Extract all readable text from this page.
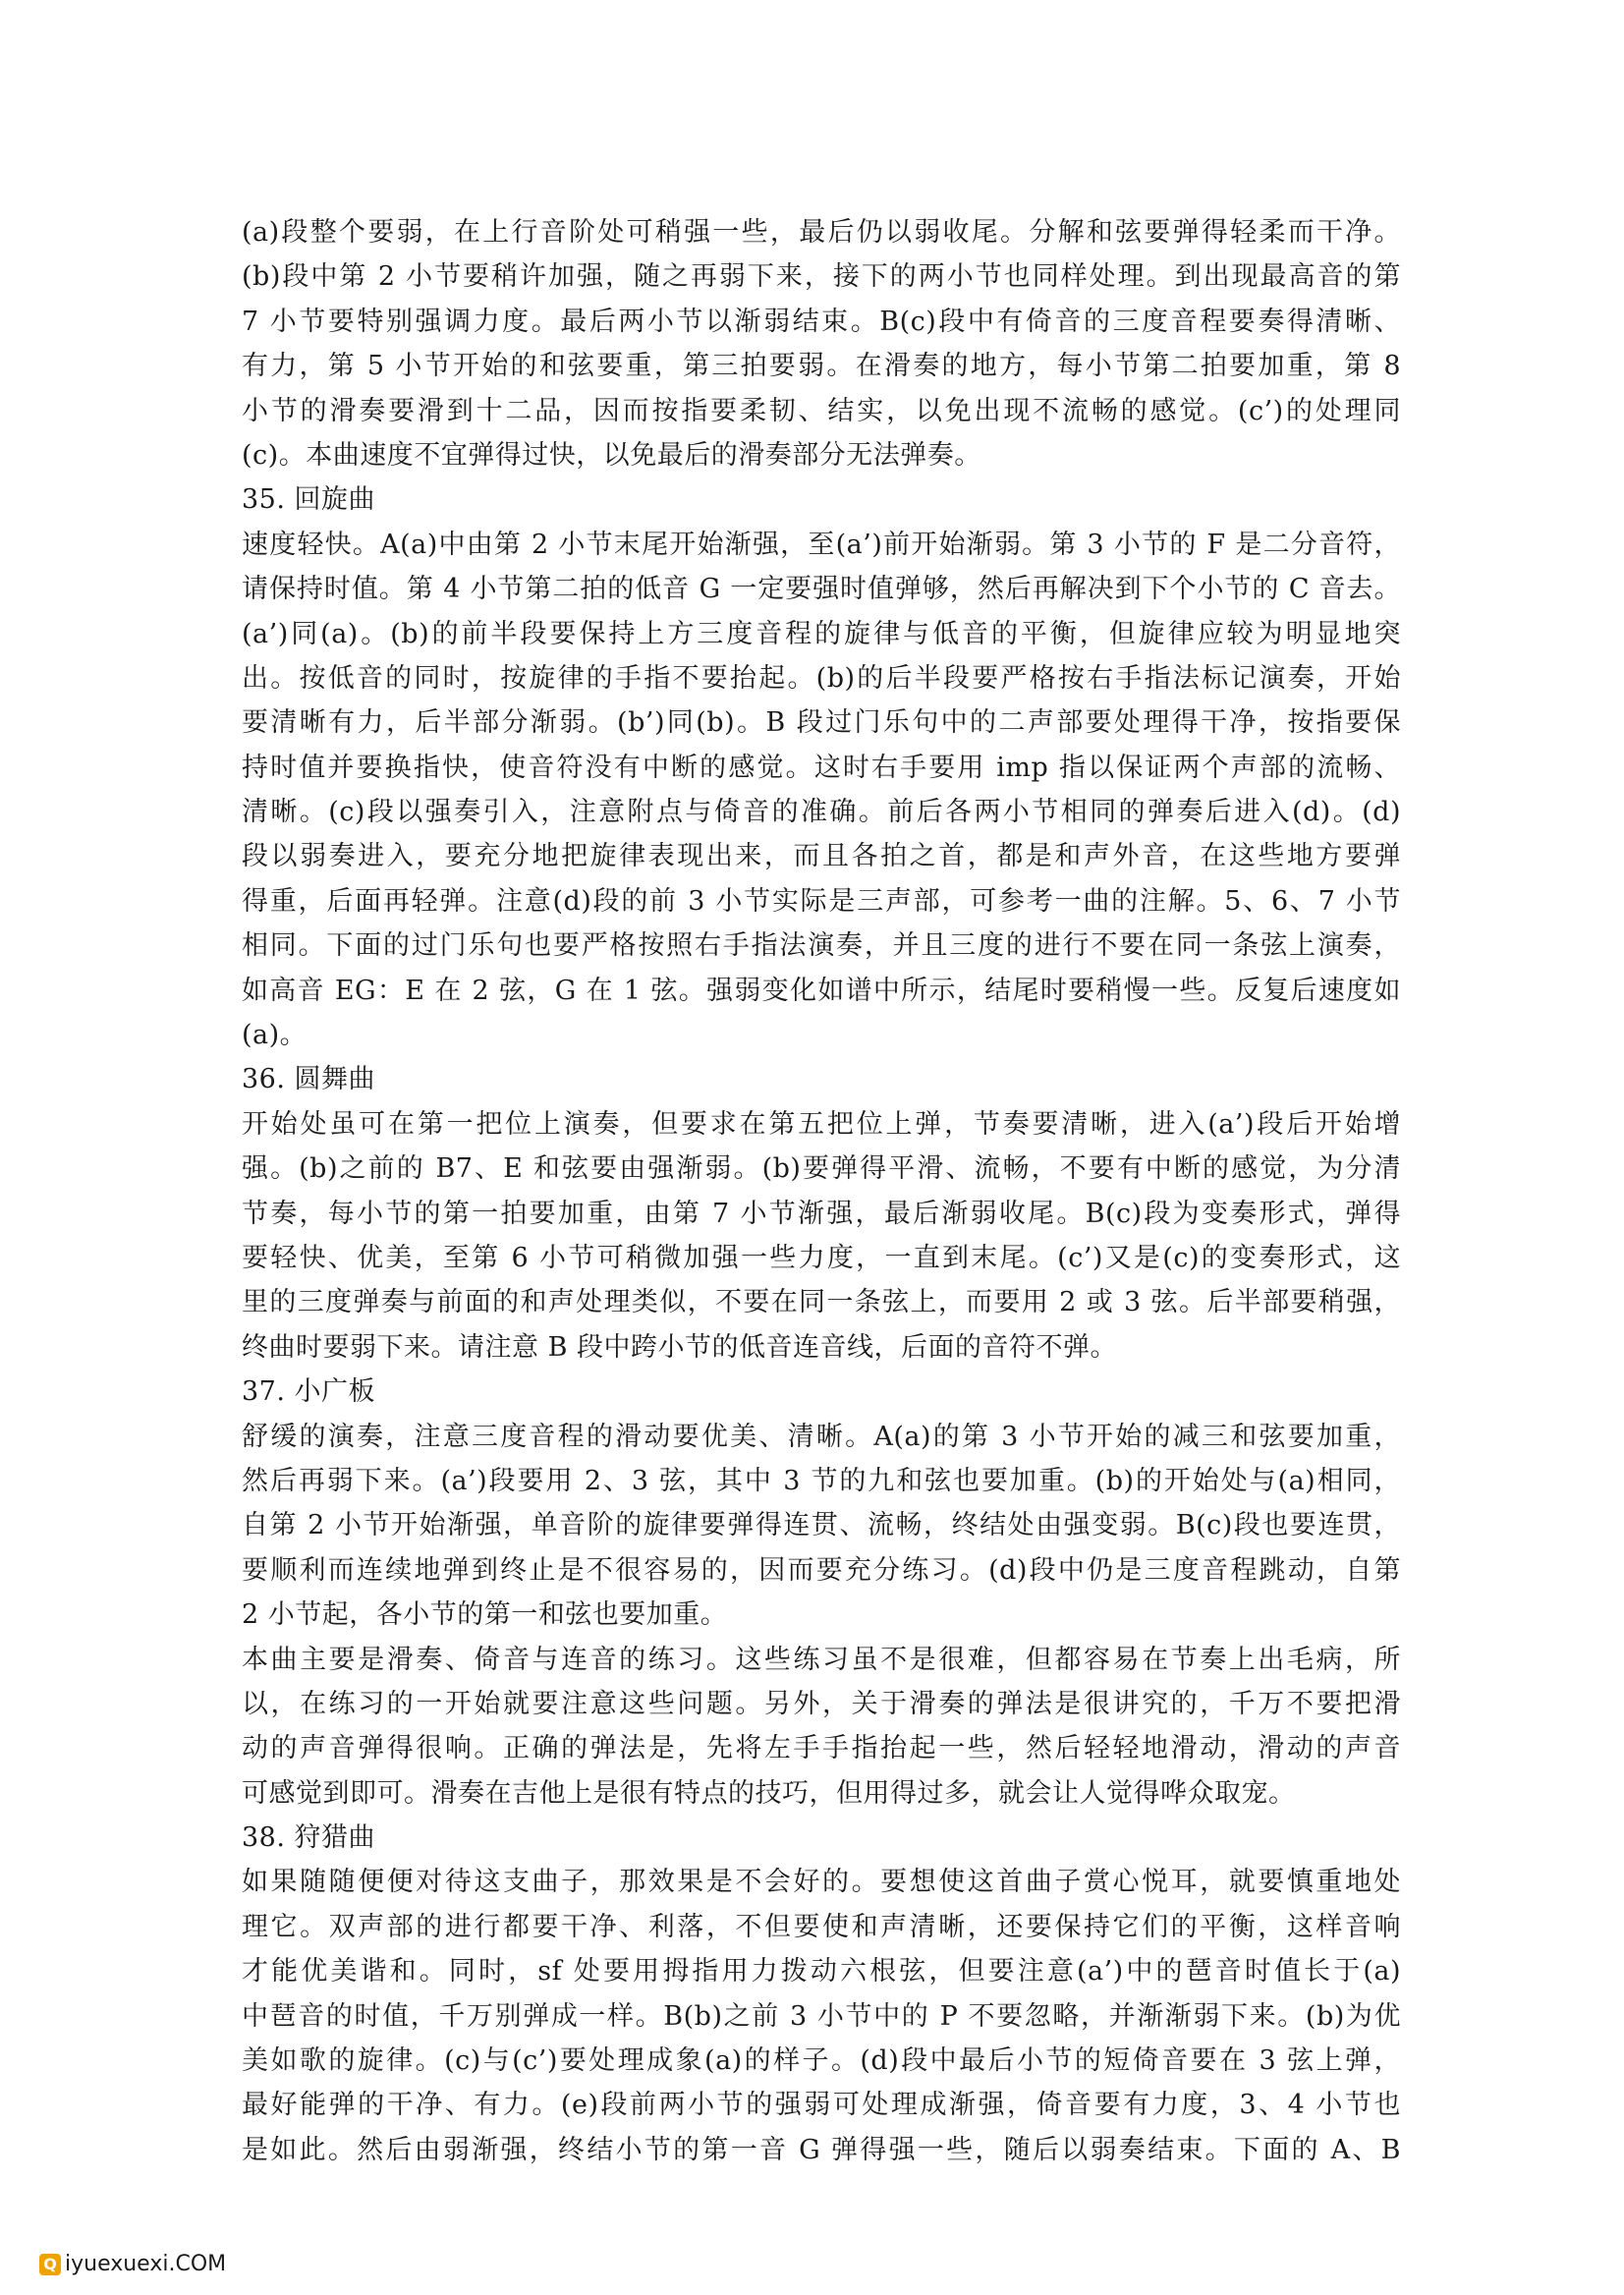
(a)段整个要弱，在上行音阶处可稍强一些，最后仍以弱收尾。分解和弦要弹得轻柔而干净。
(b)段中第 2 小节要稍许加强，随之再弱下来，接下的两小节也同样处理。到出现最高音的第
7 小节要特别强调力度。最后两小节以渐弱结束。B(c)段中有倚音的三度音程要奏得清晰、
有力，第 5 小节开始的和弦要重，第三拍要弱。在滑奏的地方，每小节第二拍要加重，第 8
小节的滑奏要滑到十二品，因而按指要柔韧、结实，以免出现不流畅的感觉。(c’)的处理同
(c)。本曲速度不宜弹得过快，以免最后的滑奏部分无法弹奏。
35. 回旋曲
速度轻快。A(a)中由第 2 小节末尾开始渐强，至(a’)前开始渐弱。第 3 小节的 F 是二分音符，
请保持时值。第 4 小节第二拍的低音 G 一定要强时值弹够，然后再解决到下个小节的 C 音去。
(a’)同(a)。(b)的前半段要保持上方三度音程的旋律与低音的平衡，但旋律应较为明显地突
出。按低音的同时，按旋律的手指不要抬起。(b)的后半段要严格按右手指法标记演奏，开始
要清晰有力，后半部分渐弱。(b’)同(b)。B 段过门乐句中的二声部要处理得干净，按指要保
持时值并要换指快，使音符没有中断的感觉。这时右手要用 imp 指以保证两个声部的流畅、
清晰。(c)段以强奏引入，注意附点与倚音的准确。前后各两小节相同的弹奏后进入(d)。(d)
段以弱奏进入，要充分地把旋律表现出来，而且各拍之首，都是和声外音，在这些地方要弹
得重，后面再轻弹。注意(d)段的前 3 小节实际是三声部，可参考一曲的注解。5、6、7 小节
相同。下面的过门乐句也要严格按照右手指法演奏，并且三度的进行不要在同一条弦上演奏，
如高音 EG：E 在 2 弦，G 在 1 弦。强弱变化如谱中所示，结尾时要稍慢一些。反复后速度如
(a)。
36. 圆舞曲
开始处虽可在第一把位上演奏，但要求在第五把位上弹，节奏要清晰，进入(a’)段后开始增
强。(b)之前的 B7、E 和弦要由强渐弱。(b)要弹得平滑、流畅，不要有中断的感觉，为分清
节奏，每小节的第一拍要加重，由第 7 小节渐强，最后渐弱收尾。B(c)段为变奏形式，弹得
要轻快、优美，至第 6 小节可稍微加强一些力度，一直到末尾。(c’)又是(c)的变奏形式，这
里的三度弹奏与前面的和声处理类似，不要在同一条弦上，而要用 2 或 3 弦。后半部要稍强，
终曲时要弱下来。请注意 B 段中跨小节的低音连音线，后面的音符不弹。
37. 小广板
舒缓的演奏，注意三度音程的滑动要优美、清晰。A(a)的第 3 小节开始的减三和弦要加重，
然后再弱下来。(a’)段要用 2、3 弦，其中 3 节的九和弦也要加重。(b)的开始处与(a)相同，
自第 2 小节开始渐强，单音阶的旋律要弹得连贯、流畅，终结处由强变弱。B(c)段也要连贯，
要顺利而连续地弹到终止是不很容易的，因而要充分练习。(d)段中仍是三度音程跳动，自第
2 小节起，各小节的第一和弦也要加重。
本曲主要是滑奏、倚音与连音的练习。这些练习虽不是很难，但都容易在节奏上出毛病，所
以，在练习的一开始就要注意这些问题。另外，关于滑奏的弹法是很讲究的，千万不要把滑
动的声音弹得很响。正确的弹法是，先将左手手指抬起一些，然后轻轻地滑动，滑动的声音
可感觉到即可。滑奏在吉他上是很有特点的技巧，但用得过多，就会让人觉得哗众取宠。
38. 狩猎曲
如果随随便便对待这支曲子，那效果是不会好的。要想使这首曲子赏心悦耳，就要慎重地处
理它。双声部的进行都要干净、利落，不但要使和声清晰，还要保持它们的平衡，这样音响
才能优美谐和。同时，sf 处要用拇指用力拨动六根弦，但要注意(a’)中的琶音时值长于(a)
中琶音的时值，千万别弹成一样。B(b)之前 3 小节中的 P 不要忽略，并渐渐弱下来。(b)为优
美如歌的旋律。(c)与(c’)要处理成象(a)的样子。(d)段中最后小节的短倚音要在 3 弦上弹，
最好能弹的干净、有力。(e)段前两小节的强弱可处理成渐强，倚音要有力度，3、4 小节也
是如此。然后由弱渐强，终结小节的第一音 G 弹得强一些，随后以弱奏结束。下面的 A、B
Q iyuexuexi.COM
